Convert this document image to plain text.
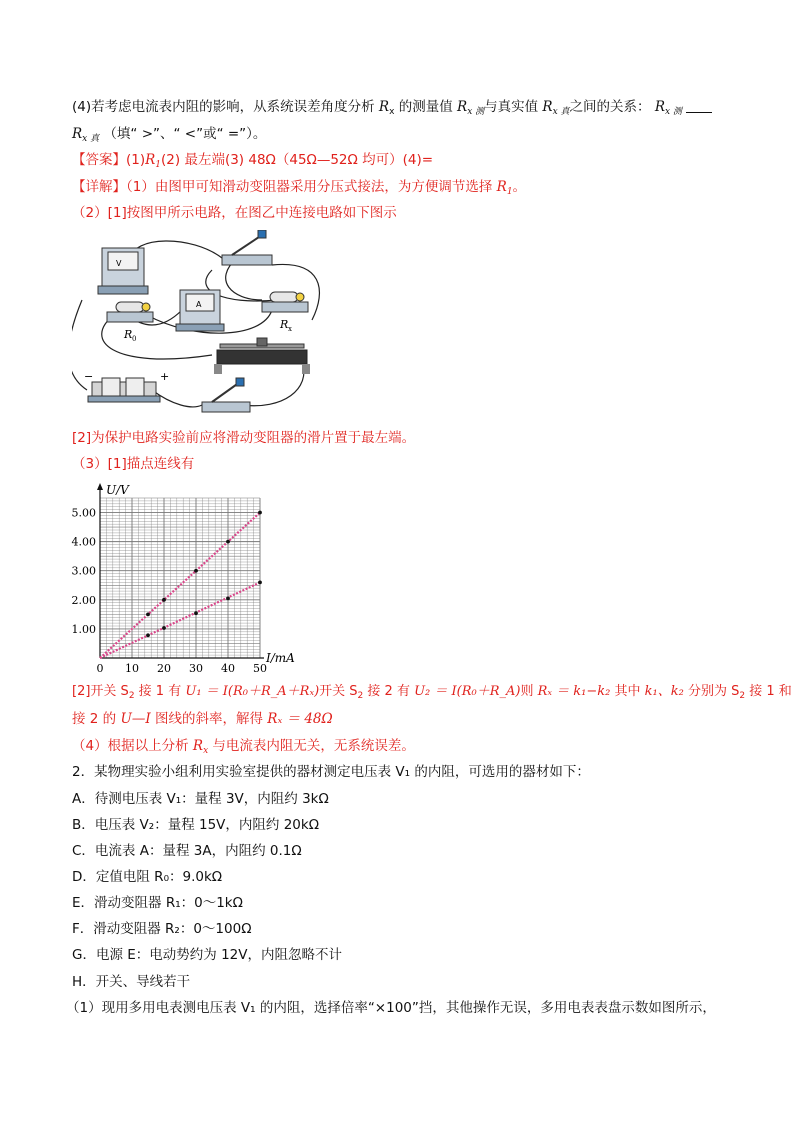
(4)若考虑电流表内阻的影响，从系统误差角度分析 $R_x$ 的测量值 $R_{x 测}$与真实值 $R_{x 真}$之间的关系： $R_{x 测}$
$R_{x 真}$ （填“ >”、“ <”或“ =”）。
【答案】$(1)R_1(2)$ 最左端(3) 48Ω（45Ω—52Ω 均可）(4)=
【详解】（1）由图甲可知滑动变阻器采用分压式接法，为方便调节选择 $R_1$。
（2）[1]按图甲所示电路，在图乙中连接电路如下图示
V
A
R 0
R x
−	+
[2]为保护电路实验前应将滑动变阻器的滑片置于最左端。
（3）[1]描点连线有
0 10 20 30 40 50
1.00
2.00
3.00
4.00
5.00
U/V
I/mA
[2]开关 $S_2$ 接 1 有 U₁ ＝ I(R₀＋R_A＋Rₓ)开关 $S_2$ 接 2 有 U₂ ＝ I(R₀＋R_A)则 Rₓ ＝ k₁−k₂ 其中 k₁、k₂ 分别为 $S_2$ 接 1 和
接 2 的 U—I 图线的斜率，解得 Rₓ ＝ 48Ω
（4）根据以上分析 $R_x$ 与电流表内阻无关，无系统误差。
2．某物理实验小组利用实验室提供的器材测定电压表 V₁ 的内阻，可选用的器材如下：
A．待测电压表 V₁：量程 3V，内阻约 3kΩ
B．电压表 V₂：量程 15V，内阻约 20kΩ
C．电流表 A：量程 3A，内阻约 0.1Ω
D．定值电阻 R₀：9.0kΩ
E．滑动变阻器 R₁：0～1kΩ
F．滑动变阻器 R₂：0～100Ω
G．电源 E：电动势约为 12V，内阻忽略不计
H．开关、导线若干
（1）现用多用电表测电压表 V₁ 的内阻，选择倍率“×100”挡，其他操作无误，多用电表表盘示数如图所示，
